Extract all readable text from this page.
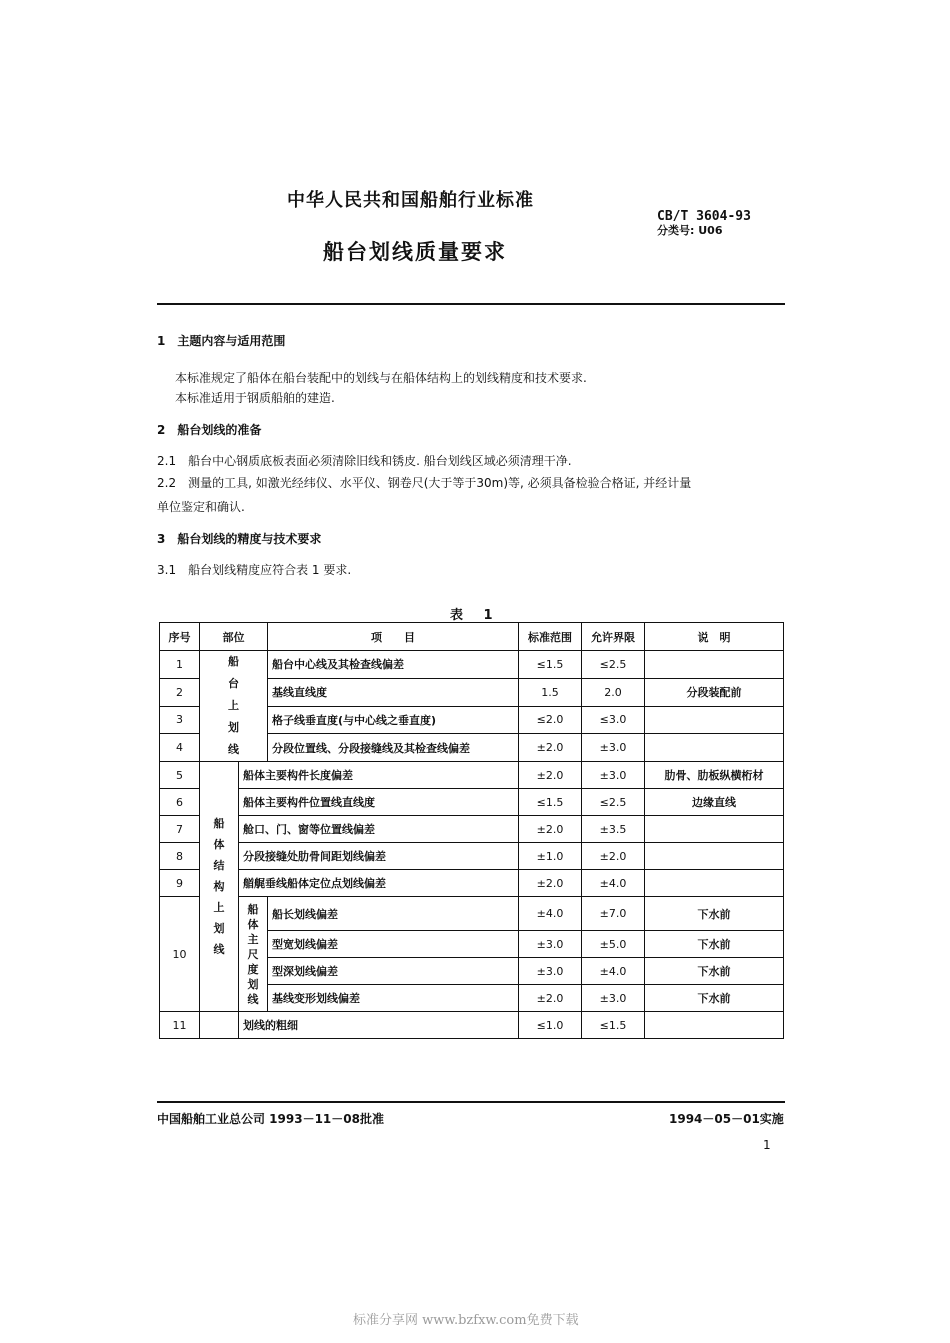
中华人民共和国船舶行业标准
CB/T 3604-93
分类号: U06
船台划线质量要求
1　主题内容与适用范围
本标准规定了船体在船台装配中的划线与在船体结构上的划线精度和技术要求.
本标准适用于钢质船舶的建造.
2　船台划线的准备
2.1　船台中心钢质底板表面必须清除旧线和锈皮. 船台划线区域必须清理干净.
2.2　测量的工具, 如激光经纬仪、水平仪、钢卷尺(大于等于30m)等, 必须具备检验合格证, 并经计量
单位鉴定和确认.
3　船台划线的精度与技术要求
3.1　船台划线精度应符合表 1 要求.
表 1
序号	部位		项　　目	标准范围	允许界限	说　明
1	船台上划线		船台中心线及其检查线偏差	≤1.5	≤2.5	
2			基线直线度	1.5	2.0	分段装配前
3			格子线垂直度(与中心线之垂直度)	≤2.0	≤3.0	
4			分段位置线、分段接缝线及其检查线偏差	±2.0	±3.0	
5	船体结构上划线	船体主要构件长度偏差		±2.0	±3.0	肋骨、肋板纵横桁材
6		船体主要构件位置线直线度		≤1.5	≤2.5	边缘直线
7		舱口、门、窗等位置线偏差		±2.0	±3.5	
8		分段接缝处肋骨间距划线偏差		±1.0	±2.0	
9		艏艉垂线船体定位点划线偏差		±2.0	±4.0	
10		船体主尺度划线	船长划线偏差	±4.0	±7.0	下水前
			型宽划线偏差	±3.0	±5.0	下水前
			型深划线偏差	±3.0	±4.0	下水前
			基线变形划线偏差	±2.0	±3.0	下水前
11		划线的粗细		≤1.0	≤1.5	
中国船舶工业总公司 1993－11－08批准	1994－05－01实施
1
标准分享网 www.bzfxw.com免费下载
